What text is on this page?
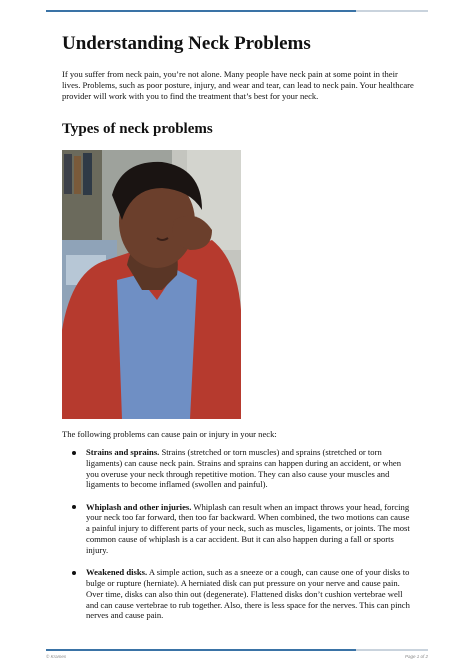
Understanding Neck Problems

If you suffer from neck pain, you’re not alone. Many people have neck pain at some point in their lives. Problems, such as poor posture, injury, and wear and tear, can lead to neck pain. Your healthcare provider will work with you to find the treatment that’s best for your neck.

Types of neck problems

The following problems can cause pain or injury in your neck:

Strains and sprains. Strains (stretched or torn muscles) and sprains (stretched or torn ligaments) can cause neck pain. Strains and sprains can happen during an accident, or when you overuse your neck through repetitive motion. They can also cause your muscles and ligaments to become inflamed (swollen and painful).
Whiplash and other injuries. Whiplash can result when an impact throws your head, forcing your neck too far forward, then too far backward. When combined, the two motions can cause a painful injury to different parts of your neck, such as muscles, ligaments, or joints. The most common cause of whiplash is a car accident. But it can also happen during a fall or sports injury.
Weakened disks. A simple action, such as a sneeze or a cough, can cause one of your disks to bulge or rupture (herniate). A herniated disk can put pressure on your nerve and cause pain. Over time, disks can also thin out (degenerate). Flattened disks don’t cushion vertebrae well and can cause vertebrae to rub together. Also, there is less space for the nerves. This can pinch nerves and cause pain.
© Krames	Page 1 of 2
